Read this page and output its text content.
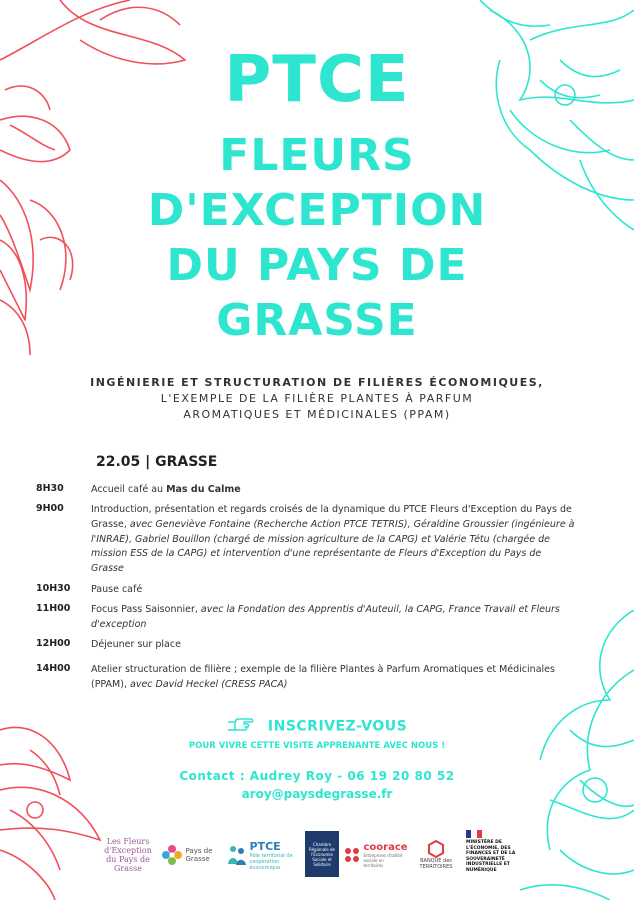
PTCE
FLEURS
D'EXCEPTION
DU PAYS DE
GRASSE
INGÉNIERIE ET STRUCTURATION DE FILIÈRES ÉCONOMIQUES,
L'EXEMPLE DE LA FILIÈRE PLANTES À PARFUM
AROMATIQUES ET MÉDICINALES (PPAM)
22.05 | GRASSE
8H30	Accueil café au Mas du Calme
9H00	Introduction, présentation et regards croisés de la dynamique du PTCE Fleurs d'Exception du Pays de Grasse, avec Geneviève Fontaine (Recherche Action PTCE TETRIS), Géraldine Groussier (ingénieure à l'INRAE), Gabriel Bouillon (chargé de mission agriculture de la CAPG) et Valérie Tétu (chargée de mission ESS de la CAPG) et intervention d'une représentante de Fleurs d'Exception du Pays de Grasse
10H30	Pause café
11H00	Focus Pass Saisonnier, avec la Fondation des Apprentis d'Auteuil, la CAPG, France Travail et Fleurs d'exception
12H00	Déjeuner sur place
14H00	Atelier structuration de filière ; exemple de la filière Plantes à Parfum Aromatiques et Médicinales (PPAM), avec David Heckel (CRESS PACA)
INSCRIVEZ-VOUS
POUR VIVRE CETTE VISITE APPRENANTE AVEC NOUS !
Contact : Audrey Roy - 06 19 20 80 52
aroy@paysdegrasse.fr
Les Fleurs d'Exception du Pays de Grasse
Pays de Grasse
PTCE
Pôle territorial de coopération économique
Chambre Régionale de l'Économie Sociale et Solidaire
coorace
Entreprises d'utilité sociale en territoires
BANQUE des TERRITOIRES
MINISTÈRE DE L'ÉCONOMIE, DES FINANCES ET DE LA SOUVERAINETÉ INDUSTRIELLE ET NUMÉRIQUE
